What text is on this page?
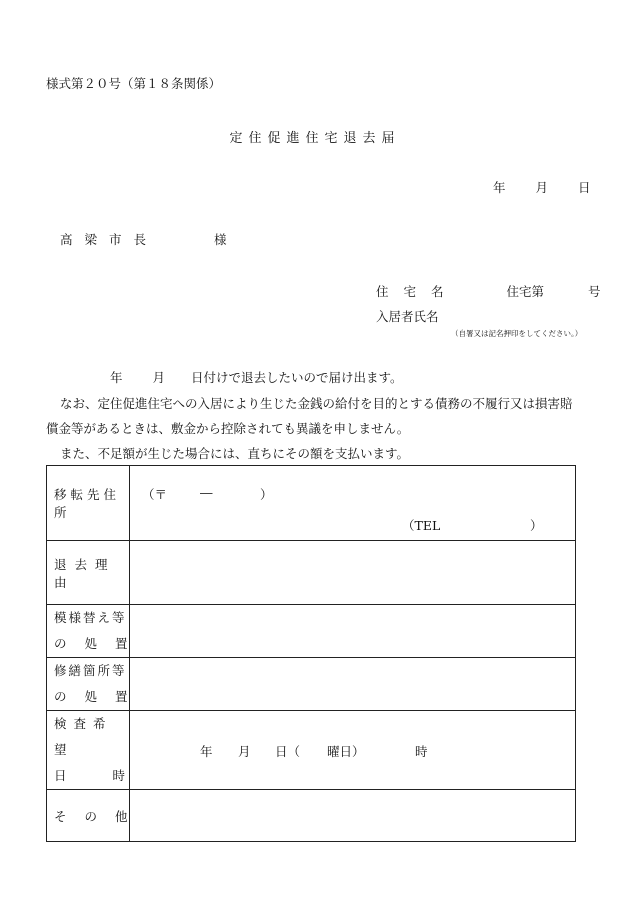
様式第２０号（第１８条関係）
定住促進住宅退去届
年 月 日
高梁市長	様
住宅名	住宅第	号
入居者氏名
（自署又は記名押印をしてください。）
年 月 日付けで退去したいので届け出ます。
なお、定住促進住宅への入居により生じた金銭の給付を目的とする債務の不履行又は損害賠
償金等があるときは、敷金から控除されても異議を申しません。
また、不足額が生じた場合には、直ちにその額を支払います。
移転先住所	（〒 ― ）
（TEL ）

退去理由	

模様替え等
の 処 置	

修繕箇所等
の 処 置	

検査希望
日 時	年 月 日（ 曜日） 時

そ の 他	
